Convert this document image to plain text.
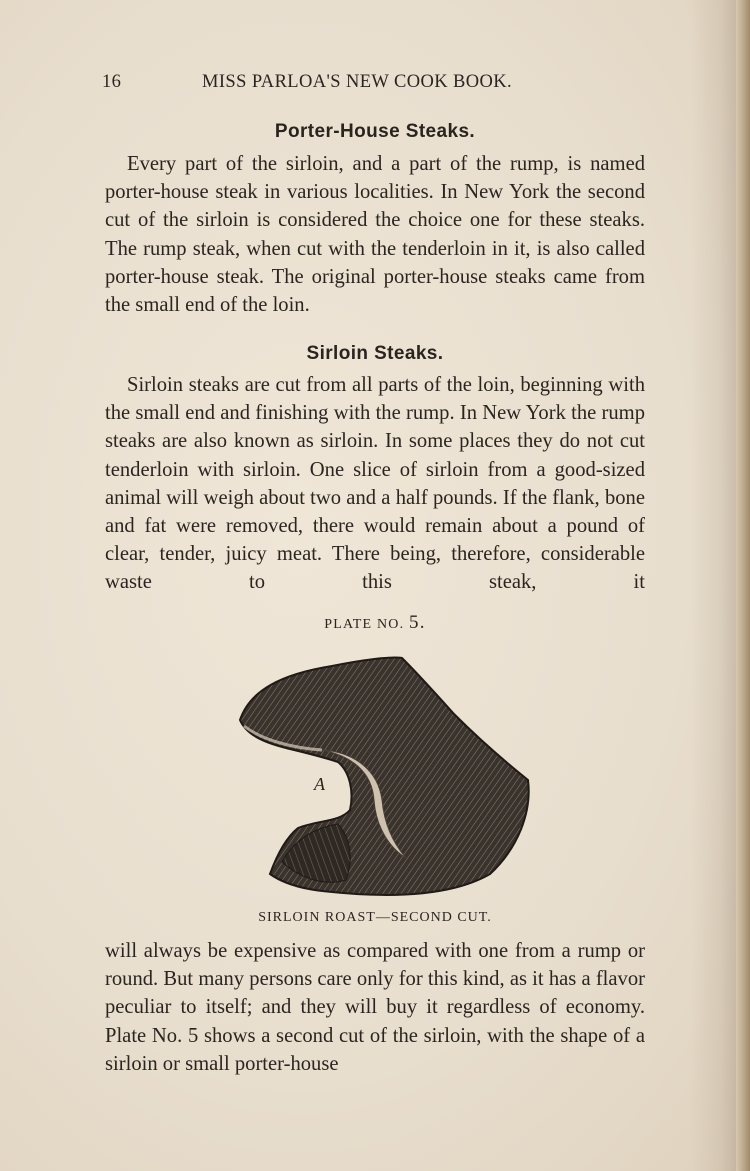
16	MISS PARLOA'S NEW COOK BOOK.
Porter-House Steaks.

Every part of the sirloin, and a part of the rump, is named porter-house steak in various localities. In New York the second cut of the sirloin is considered the choice one for these steaks. The rump steak, when cut with the tenderloin in it, is also called porter-house steak. The original porter-house steaks came from the small end of the loin.

Sirloin Steaks.

Sirloin steaks are cut from all parts of the loin, beginning with the small end and finishing with the rump. In New York the rump steaks are also known as sirloin. In some places they do not cut tenderloin with sirloin. One slice of sirloin from a good-sized animal will weigh about two and a half pounds. If the flank, bone and fat were removed, there would remain about a pound of clear, tender, juicy meat. There being, therefore, considerable waste to this steak, it

PLATE NO. 5.
A
SIRLOIN ROAST—SECOND CUT.

will always be expensive as compared with one from a rump or round. But many persons care only for this kind, as it has a flavor peculiar to itself; and they will buy it regardless of economy. Plate No. 5 shows a second cut of the sirloin, with the shape of a sirloin or small porter-house
